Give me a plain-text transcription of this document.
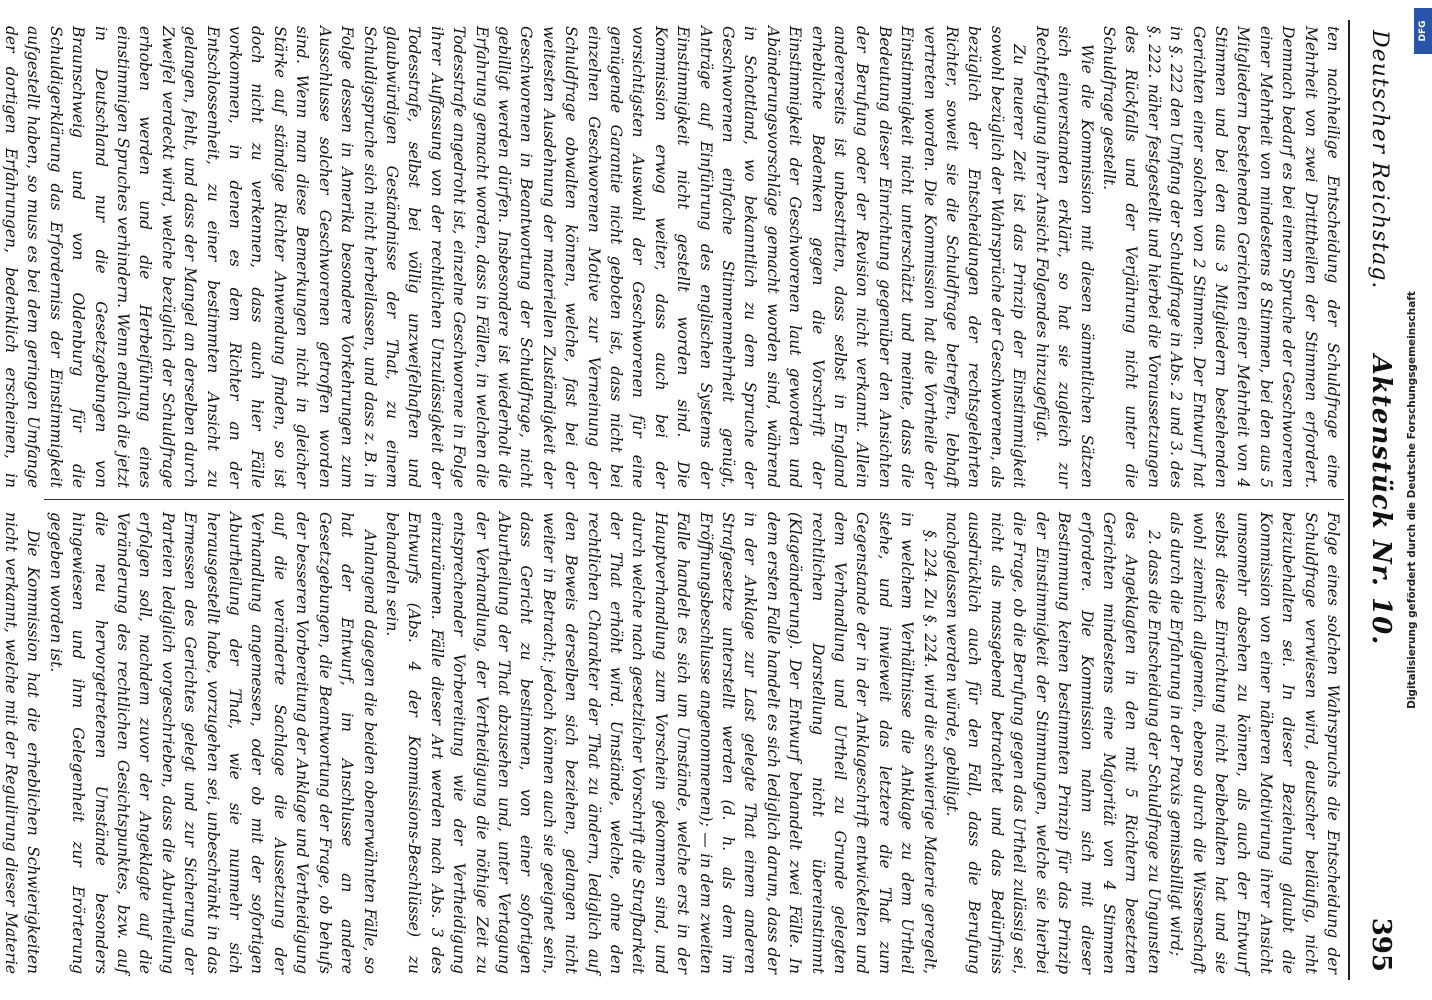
Deutscher Reichstag.
Aktenstück Nr. 10.
395

ten nachheilige Entscheidung der Schuldfrage eine Mehrheit von zwei Dritttheilen der Stimmen erfordert. Demnach bedarf es bei einem Spruche der Geschworenen einer Mehrheit von mindestens 8 Stimmen, bei den aus 5 Mitgliedern bestehenden Gerichten einer Mehrheit von 4 Stimmen und bei den aus 3 Mitgliedern bestehenden Gerichten einer solchen von 2 Stimmen. Der Entwurf hat in §. 222 den Umfang der Schuldfrage in Abs. 2 und 3. des §. 222. näher festgestellt und hierbei die Voraussetzungen des Rückfalls und der Verjährung nicht unter die Schuldfrage gestellt.

Wie die Kommission mit diesen sämmtlichen Sätzen sich einverstanden erklärt, so hat sie zugleich zur Rechtfertigung ihrer Ansicht Folgendes hinzugefügt.

Zu neuerer Zeit ist das Prinzip der Einstimmigkeit sowohl bezüglich der Wahrsprüche der Geschworenen, als bezüglich der Entscheidungen der rechtsgelehrten Richter, soweit sie die Schuldfrage betreffen, lebhaft vertreten worden. Die Kommission hat die Vortheile der Einstimmigkeit nicht unterschätzt und meinte, dass die Bedeutung dieser Einrichtung gegenüber den Ansichten der Berufung oder der Revision nicht verkannt. Allein andererseits ist unbestritten, dass selbst in England erhebliche Bedenken gegen die Vorschrift der Einstimmigkeit der Geschworenen laut geworden und Abänderungsvorschläge gemacht worden sind, während in Schottland, wo bekanntlich zu dem Spruche der Geschworenen einfache Stimmenmehrheit genügt, Anträge auf Einführung des englischen Systems der Einstimmigkeit nicht gestellt worden sind. Die Kommission erwog weiter, dass auch bei der vorsichtigsten Auswahl der Geschworenen für eine genügende Garantie nicht geboten ist, dass nicht bei einzelnen Geschworenen Motive zur Verneinung der Schuldfrage obwalten können, welche, fast bei der weitesten Ausdehnung der materiellen Zuständigkeit der Geschworenen in Beantwortung der Schuldfrage, nicht gebilligt werden dürfen. Insbesondere ist wiederholt die Erfahrung gemacht worden, dass in Fällen, in welchen die Todesstrafe angedroht ist, einzelne Geschworene in Folge ihrer Auffassung von der rechtlichen Unzulässigkeit der Todesstrafe, selbst bei völlig unzweifelhaften und glaubwürdigen Geständnisse der That, zu einem Schuldigspruche sich nicht herbeilassen, und dass z. B. in Folge dessen in Amerika besondere Vorkehrungen zum Ausschlusse solcher Geschworenen getroffen worden sind. Wenn man diese Bemerkungen nicht in gleicher Stärke auf ständige Richter Anwendung finden, so ist doch nicht zu verkennen, dass auch hier Fälle vorkommen, in denen es dem Richter an der Entschlossenheit, zu einer bestimmten Ansicht zu gelangen, fehlt, und dass der Mangel an derselben durch Zweifel verdeckt wird, welche bezüglich der Schuldfrage erhoben werden und die Herbeiführung eines einstimmigen Spruches verhindern. Wenn endlich die jetzt in Deutschland nur die Gesetzgebungen von Braunschweig und von Oldenburg für die Schuldigerklärung das Erforderniss der Einstimmigkeit aufgestellt haben, so muss es bei dem geringen Umfange der dortigen Erfahrungen, bedenklich erscheinen, in

Folge eines solchen Wahrspruchs die Entscheidung der Schuldfrage verwiesen wird, deutscher beiläufig, nicht beizubehalten sei. In dieser Beziehung glaubt die Kommission von einer näheren Motivirung ihrer Ansicht umsomehr absehen zu können, als auch der Entwurf selbst diese Einrichtung nicht beibehalten hat und sie wohl ziemlich allgemein, ebenso durch die Wissenschaft als durch die Erfahrung in der Praxis gemissbilligt wird;

2. dass die Entscheidung der Schuldfrage zu Ungunsten des Angeklagten in den mit 5 Richtern besetzten Gerichten mindestens eine Majorität von 4 Stimmen erfordere. Die Kommission nahm sich mit dieser Bestimmung keinen bestimmten Prinzip für das Prinzip der Einstimmigkeit der Stimmungen, welche sie hierbei die Frage, ob die Berufung gegen das Urtheil zulässig sei, nicht als massgebend betrachtet und das Bedürfniss ausdrücklich auch für den Fall, dass die Berufung nachgelassen werden würde, gebilligt.

§. 224. Zu §. 224. wird die schwierige Materie geregelt, in welchem Verhältnisse die Anklage zu dem Urtheil stehe, und inwieweit das letztere die That zum Gegenstande der in der Anklageschrift entwickelten und dem Verhandlung und Urtheil zu Grunde gelegten rechtlichen Darstellung nicht übereinstimmt (Klageänderung). Der Entwurf behandelt zwei Fälle. In dem ersten Falle handelt es sich lediglich darum, dass der in der Anklage zur Last gelegte That einem anderen Strafgesetze unterstellt werden (d. h. als dem im Eröffnungsbeschlusse angenommenen); — in dem zweiten Falle handelt es sich um Umstände, welche erst in der Hauptverhandlung zum Vorschein gekommen sind, und durch welche nach gesetzlicher Vorschrift die Strafbarkeit der That erhöht wird. Umstände, welche, ohne den rechtlichen Charakter der That zu ändern, lediglich auf den Beweis derselben sich beziehen, gelangen nicht weiter in Betracht; jedoch können auch sie geeignet sein, dass Gericht zu bestimmen, von einer sofortigen Aburtheilung der That abzusehen und, unter Vertagung der Verhandlung, der Vertheidigung die nöthige Zeit zu entsprechender Vorbereitung wie der Vertheidigung einzuräumen. Fälle dieser Art werden nach Abs. 3 des Entwurfs (Abs. 4 der Kommissions-Beschlüsse) zu behandeln sein.

Anlangend dagegen die beiden obenerwähnten Fälle, so hat der Entwurf, im Anschlusse an andere Gesetzgebungen, die Beantwortung der Frage, ob behufs der besseren Vorbereitung der Anklage und Vertheidigung auf die veränderte Sachlage die Aussetzung der Verhandlung angemessen, oder ob mit der sofortigen Aburtheilung der That, wie sie nunmehr sich herausgestellt habe, vorzugehen sei, unbeschränkt in das Ermessen des Gerichtes gelegt und zur Sicherung der Parteien lediglich vorgeschrieben, dass die Aburtheilung erfolgen soll, nachdem zuvor der Angeklagte auf die Veränderung des rechtlichen Gesichtspunktes, bzw. auf die neu hervorgetretenen Umstände besonders hingewiesen und ihm Gelegenheit zur Erörterung gegeben worden ist.

Die Kommission hat die erheblichen Schwierigkeiten nicht verkannt, welche mit der Regulirung dieser Materie

DFG
Digitalisierung gefördert durch die Deutsche Forschungsgemeinschaft
